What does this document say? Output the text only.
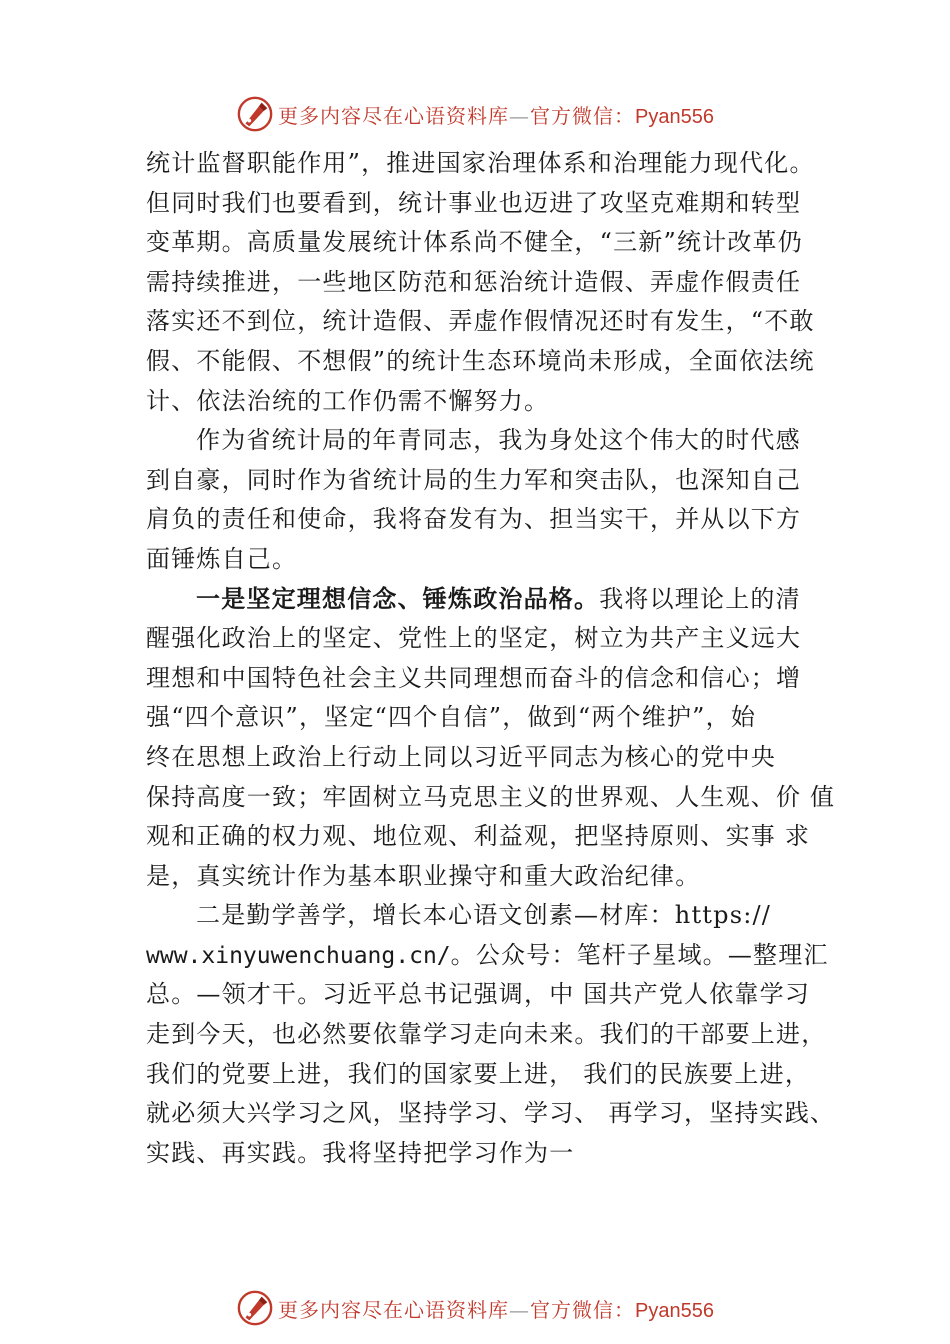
更多内容尽在心语资料库—官方微信：Pyan556
统计监督职能作用”，推进国家治理体系和治理能力现代化。
但同时我们也要看到，统计事业也迈进了攻坚克难期和转型
变革期。高质量发展统计体系尚不健全，“三新”统计改革仍
需持续推进，一些地区防范和惩治统计造假、弄虚作假责任
落实还不到位，统计造假、弄虚作假情况还时有发生，“不敢
假、不能假、不想假”的统计生态环境尚未形成，全面依法统
计、依法治统的工作仍需不懈努力。
作为省统计局的年青同志，我为身处这个伟大的时代感
到自豪，同时作为省统计局的生力军和突击队，也深知自己
肩负的责任和使命，我将奋发有为、担当实干，并从以下方
面锤炼自己。
一是坚定理想信念、锤炼政治品格。我将以理论上的清
醒强化政治上的坚定、党性上的坚定，树立为共产主义远大
理想和中国特色社会主义共同理想而奋斗的信念和信心；增
强“四个意识”，坚定“四个自信”，做到“两个维护”，始
终在思想上政治上行动上同以习近平同志为核心的党中央
保持高度一致；牢固树立马克思主义的世界观、人生观、价 值
观和正确的权力观、地位观、利益观，把坚持原则、实事 求
是，真实统计作为基本职业操守和重大政治纪律。
二是勤学善学，增长本心语文创素—材库：https://
www.xinyuwenchuang.cn/。公众号：笔杆子星域。—整理汇
总。—领才干。习近平总书记强调，中 国共产党人依靠学习
走到今天，也必然要依靠学习走向未来。我们的干部要上进，
我们的党要上进，我们的国家要上进， 我们的民族要上进，
就必须大兴学习之风，坚持学习、学习、 再学习，坚持实践、
实践、再实践。我将坚持把学习作为一
更多内容尽在心语资料库—官方微信：Pyan556
